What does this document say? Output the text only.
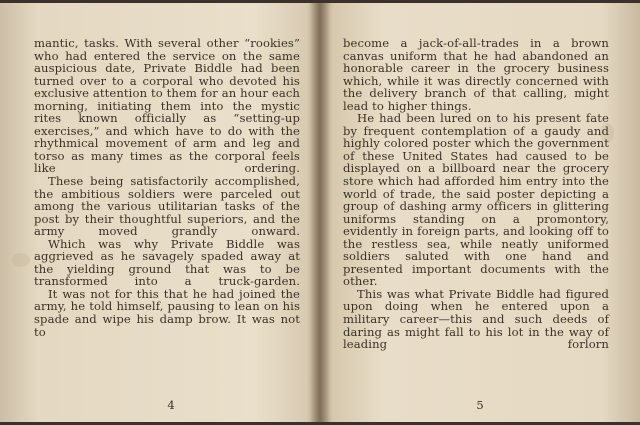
mantic, tasks. With several other “rookies” who had entered the service on the same auspicious date, Private Biddle had been turned over to a corporal who devoted his exclusive attention to them for an hour each morning, initiating them into the mystic rites known officially as “setting-up exercises,” and which have to do with the rhythmical movement of arm and leg and torso as many times as the corporal feels like ordering.

These being satisfactorily accomplished, the ambitious soldiers were parceled out among the various utilitarian tasks of the post by their thoughtful superiors, and the army moved grandly onward.

Which was why Private Biddle was aggrieved as he savagely spaded away at the yielding ground that was to be transformed into a truck-garden.

It was not for this that he had joined the army, he told himself, pausing to lean on his spade and wipe his damp brow. It was not to

4

become a jack-of-all-trades in a brown canvas uniform that he had abandoned an honorable career in the grocery business which, while it was directly concerned with the delivery branch of that calling, might lead to higher things.

He had been lured on to his present fate by frequent contemplation of a gaudy and highly colored poster which the government of these United States had caused to be displayed on a billboard near the grocery store which had afforded him entry into the world of trade, the said poster depicting a group of dashing army officers in glittering uniforms standing on a promontory, evidently in foreign parts, and looking off to the restless sea, while neatly uniformed soldiers saluted with one hand and presented important documents with the other.

This was what Private Biddle had figured upon doing when he entered upon a military career—this and such deeds of daring as might fall to his lot in the way of leading forlorn

5
